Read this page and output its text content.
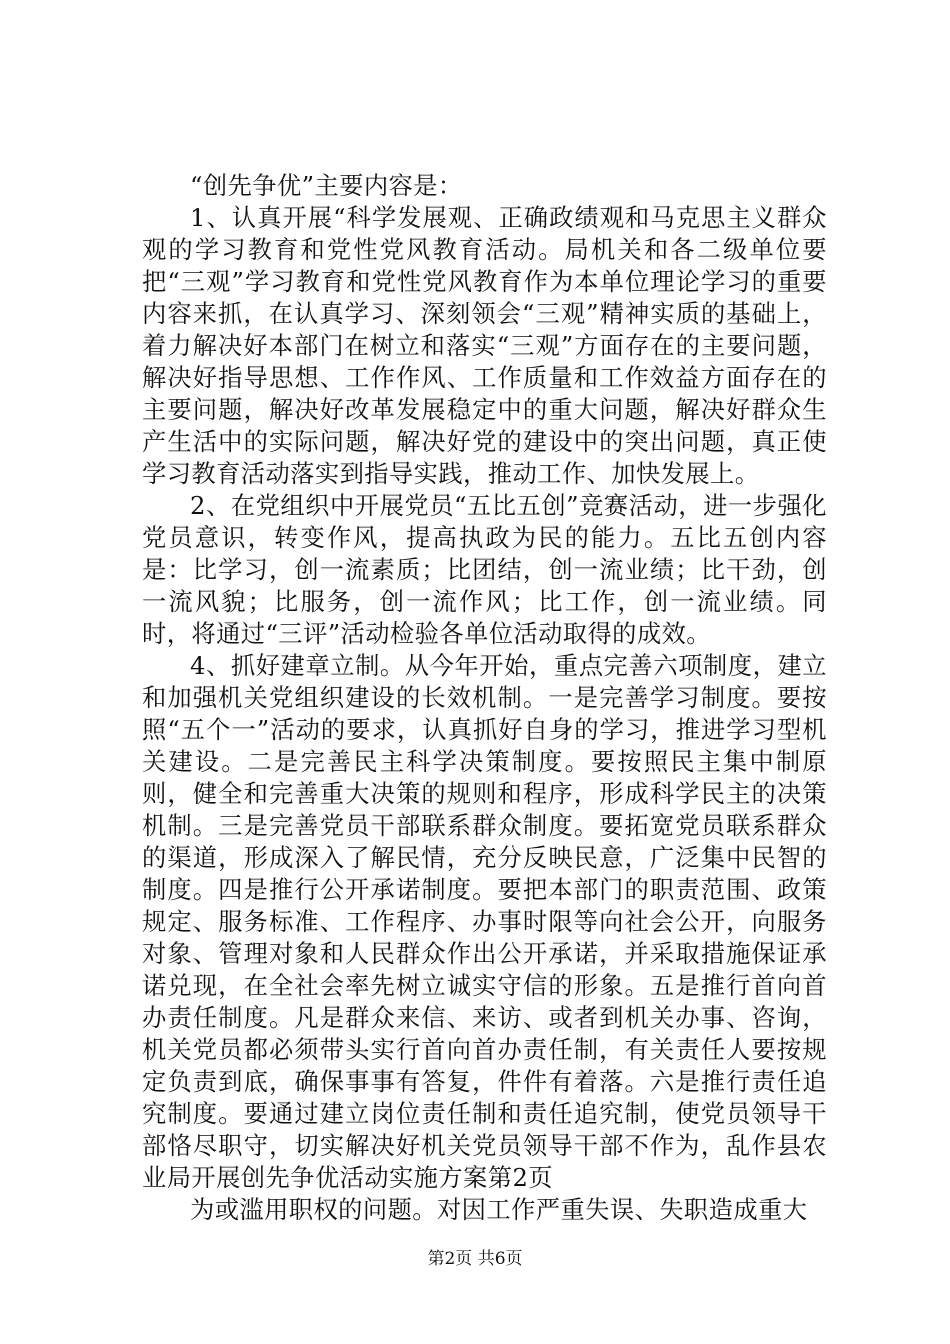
“创先争优”主要内容是：

1、认真开展“科学发展观、正确政绩观和马克思主义群众观的学习教育和党性党风教育活动。局机关和各二级单位要把“三观”学习教育和党性党风教育作为本单位理论学习的重要内容来抓，在认真学习、深刻领会“三观”精神实质的基础上，着力解决好本部门在树立和落实“三观”方面存在的主要问题，解决好指导思想、工作作风、工作质量和工作效益方面存在的主要问题，解决好改革发展稳定中的重大问题，解决好群众生产生活中的实际问题，解决好党的建设中的突出问题，真正使学习教育活动落实到指导实践，推动工作、加快发展上。

2、在党组织中开展党员“五比五创”竞赛活动，进一步强化党员意识，转变作风，提高执政为民的能力。五比五创内容是：比学习，创一流素质；比团结，创一流业绩；比干劲，创一流风貌；比服务，创一流作风；比工作，创一流业绩。同时，将通过“三评”活动检验各单位活动取得的成效。

4、抓好建章立制。从今年开始，重点完善六项制度，建立和加强机关党组织建设的长效机制。一是完善学习制度。要按照“五个一”活动的要求，认真抓好自身的学习，推进学习型机关建设。二是完善民主科学决策制度。要按照民主集中制原则，健全和完善重大决策的规则和程序，形成科学民主的决策机制。三是完善党员干部联系群众制度。要拓宽党员联系群众的渠道，形成深入了解民情，充分反映民意，广泛集中民智的制度。四是推行公开承诺制度。要把本部门的职责范围、政策规定、服务标准、工作程序、办事时限等向社会公开，向服务对象、管理对象和人民群众作出公开承诺，并采取措施保证承诺兑现，在全社会率先树立诚实守信的形象。五是推行首向首办责任制度。凡是群众来信、来访、或者到机关办事、咨询，机关党员都必须带头实行首向首办责任制，有关责任人要按规定负责到底，确保事事有答复，件件有着落。六是推行责任追究制度。要通过建立岗位责任制和责任追究制，使党员领导干部恪尽职守，切实解决好机关党员领导干部不作为，乱作县农业局开展创先争优活动实施方案第2页

为或滥用职权的问题。对因工作严重失误、失职造成重大

第2页 共6页
